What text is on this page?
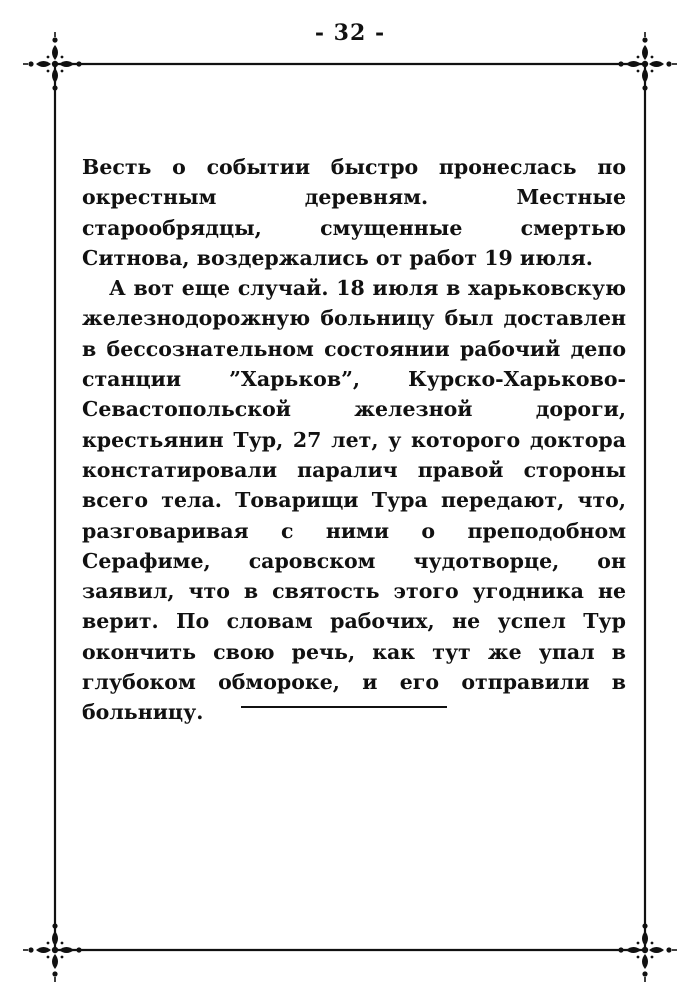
- 32 -

Весть о событии быстро пронеслась по окрестным деревням. Местные старообрядцы, смущенные смертью Ситнова, воздержались от работ 19 июля.

А вот еще случай. 18 июля в харьковскую железнодорожную больницу был доставлен в бессознательном состоянии рабочий депо станции ”Харьков”, Курско-Харьково-Севастопольской железной дороги, крестьянин Тур, 27 лет, у которого доктора констатировали паралич правой стороны всего тела. Товарищи Тура передают, что, разговаривая с ними о преподобном Серафиме, саровском чудотворце, он заявил, что в святость этого угодника не верит. По словам рабочих, не успел Тур окончить свою речь, как тут же упал в глубоком обмороке, и его отправили в больницу.
